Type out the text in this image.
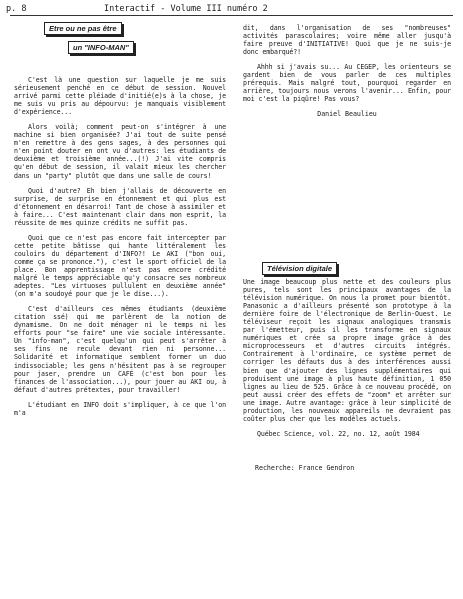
p. 8	Interactif - Volume III numéro 2
Etre ou ne pas être
un "INFO-MAN"

C'est là une question sur laquelle je me suis sérieusement penché en ce début de session. Nouvel arrivé parmi cette pléiade d'initié(e)s à la chose, je me suis vu pris au dépourvu: je manquais visiblement d'expérience...

Alors voilà; comment peut-on s'intégrer à une machine si bien organisée? J'ai tout de suite pensé m'en remettre à des gens sages, à des personnes qui n'en point douter en ont vu d'autres: les étudiants de deuxième et troisième année...(!) J'ai vite compris qu'en début de session, il valait mieux les chercher dans un "party" plutôt que dans une salle de cours!

Quoi d'autre? Eh bien j'allais de découverte en surprise, de surprise en étonnement et qui plus est d'étonnement en désarroi! Tant de chose à assimiler et à faire... C'est maintenant clair dans mon esprit, la réussite de mes quinze crédits ne suffit pas.

Quoi que ce n'est pas encore fait intercepter par cette petite bâtisse qui hante littéralement les couloirs du département d'INFO?! Le AKI ("bon oui, comme ça se prononce."), c'est le sport officiel de la place. Bon apprentissage n'est pas encore crédité malgré le temps appréciable qu'y consacre ses nombreux adeptes. "Les virtuoses pullulent en deuxième année" (on m'a soudoyé pour que je le dise...).

C'est d'ailleurs ces mêmes étudiants (deuxième citation ssé) qui me parlèrent de la notion de dynamisme. On ne doit ménager ni le temps ni les efforts pour "se faire" une vie sociale intéressante. Un "info-man", c'est quelqu'un qui peut s'arrêter à ses fins ne recule devant rien ni personne... Solidarité et informatique semblent former un duo indissociable; les gens n'hésitent pas à se regrouper pour jaser, prendre un CAFÉ (c'est bon pour les finances de l'association...), pour jouer au AKI ou, à défaut d'autres prétextes, pour travailler!

L'étudiant en INFO doit s'impliquer, à ce que l'on m'a

dit, dans l'organisation de ses "nombreuses" activités parascolaires; voire même aller jusqu'à faire preuve d'INITIATIVE! Quoi que je ne suis-je donc embarqué?!

Ahhh si j'avais su... Au CEGEP, les orienteurs se gardent bien de vous parler de ces multiples prérequis. Mais malgré tout, pourquoi regarder en arrière, toujours nous verons l'avenir... Enfin, pour moi c'est la piqûre! Pas vous?

Daniel Beaulieu

Une image beaucoup plus nette et des couleurs plus pures, tels sont les principaux avantages de la télévision numérique. On nous la promet pour bientôt. Panasonic a d'ailleurs présenté son prototype à la dernière foire de l'électronique de Berlin-Ouest. Le téléviseur reçoit les signaux analogiques transmis par l'émetteur, puis il les transforme en signaux numériques et crée sa propre image grâce à des microprocesseurs et d'autres circuits intégrés. Contrairement à l'ordinaire, ce système permet de corriger les défauts dus à des interférences aussi bien que d'ajouter des lignes supplémentaires qui produisent une image à plus haute définition, 1 050 lignes au lieu de 525. Grâce à ce nouveau procédé, on peut aussi créer des effets de "zoom" et arrêter sur une image. Autre avantage: grâce à leur simplicité de production, les nouveaux appareils ne devraient pas coûter plus cher que les modèles actuels.

Québec Science, vol. 22, no. 12, août 1984

Recherche: France Gendron
Télévision digitale
